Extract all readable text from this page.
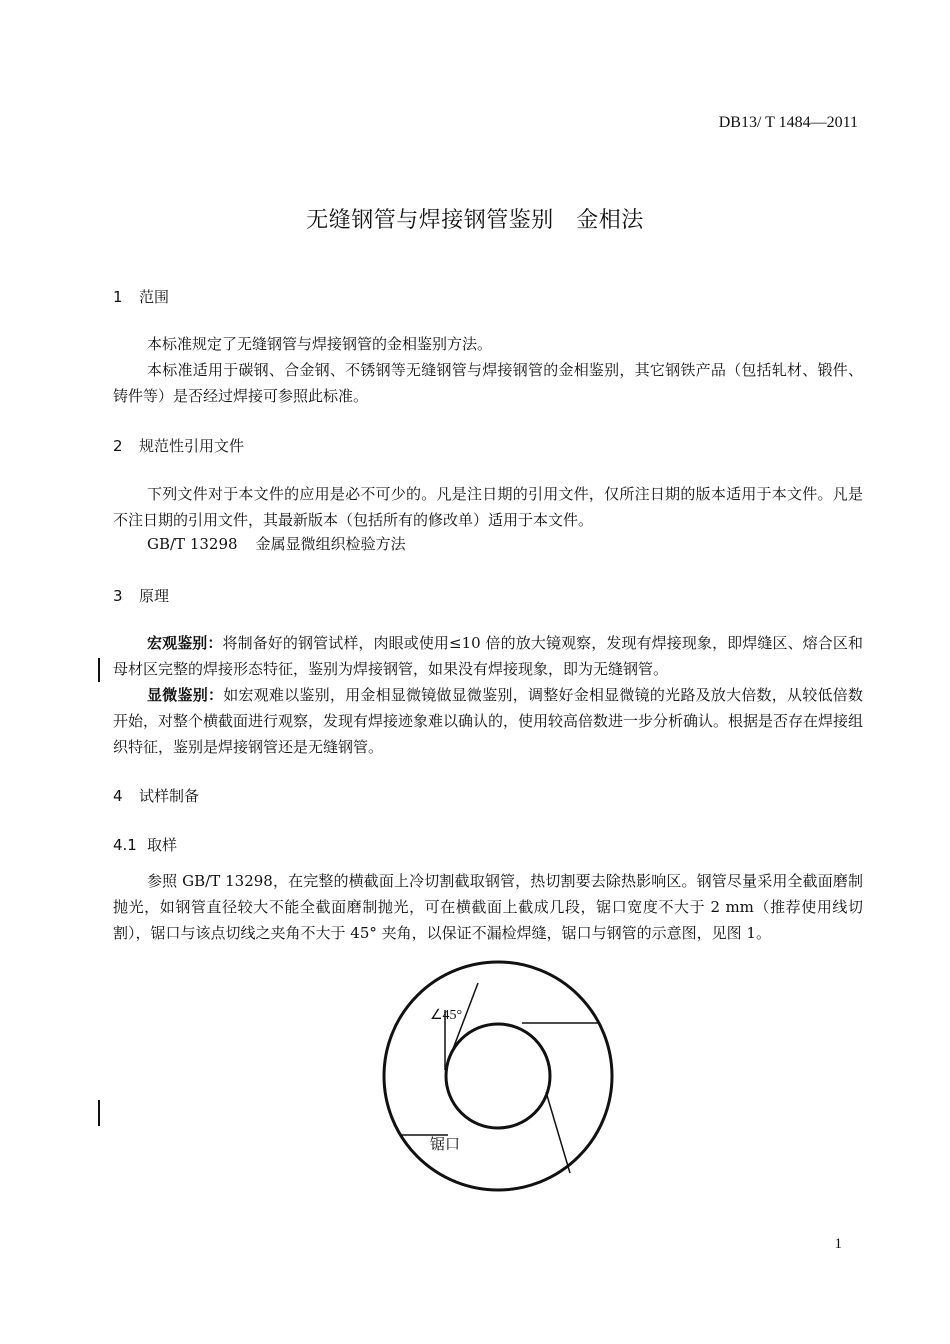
DB13/ T 1484—2011
无缝钢管与焊接钢管鉴别　金相法
1 范围
本标准规定了无缝钢管与焊接钢管的金相鉴别方法。
本标准适用于碳钢、合金钢、不锈钢等无缝钢管与焊接钢管的金相鉴别，其它钢铁产品（包括轧材、锻件、铸件等）是否经过焊接可参照此标准。
2 规范性引用文件
下列文件对于本文件的应用是必不可少的。凡是注日期的引用文件，仅所注日期的版本适用于本文件。凡是不注日期的引用文件，其最新版本（包括所有的修改单）适用于本文件。
GB/T 13298 金属显微组织检验方法
3 原理
宏观鉴别：将制备好的钢管试样，肉眼或使用≤10 倍的放大镜观察，发现有焊接现象，即焊缝区、熔合区和母材区完整的焊接形态特征，鉴别为焊接钢管，如果没有焊接现象，即为无缝钢管。
显微鉴别：如宏观难以鉴别，用金相显微镜做显微鉴别，调整好金相显微镜的光路及放大倍数，从较低倍数开始，对整个横截面进行观察，发现有焊接迹象难以确认的，使用较高倍数进一步分析确认。根据是否存在焊接组织特征，鉴别是焊接钢管还是无缝钢管。
4 试样制备
4.1 取样
参照 GB/T 13298，在完整的横截面上冷切割截取钢管，热切割要去除热影响区。钢管尽量采用全截面磨制抛光，如钢管直径较大不能全截面磨制抛光，可在横截面上截成几段，锯口宽度不大于 2 mm（推荐使用线切割），锯口与该点切线之夹角不大于 45° 夹角，以保证不漏检焊缝，锯口与钢管的示意图，见图 1。
∠45°
锯口
1
